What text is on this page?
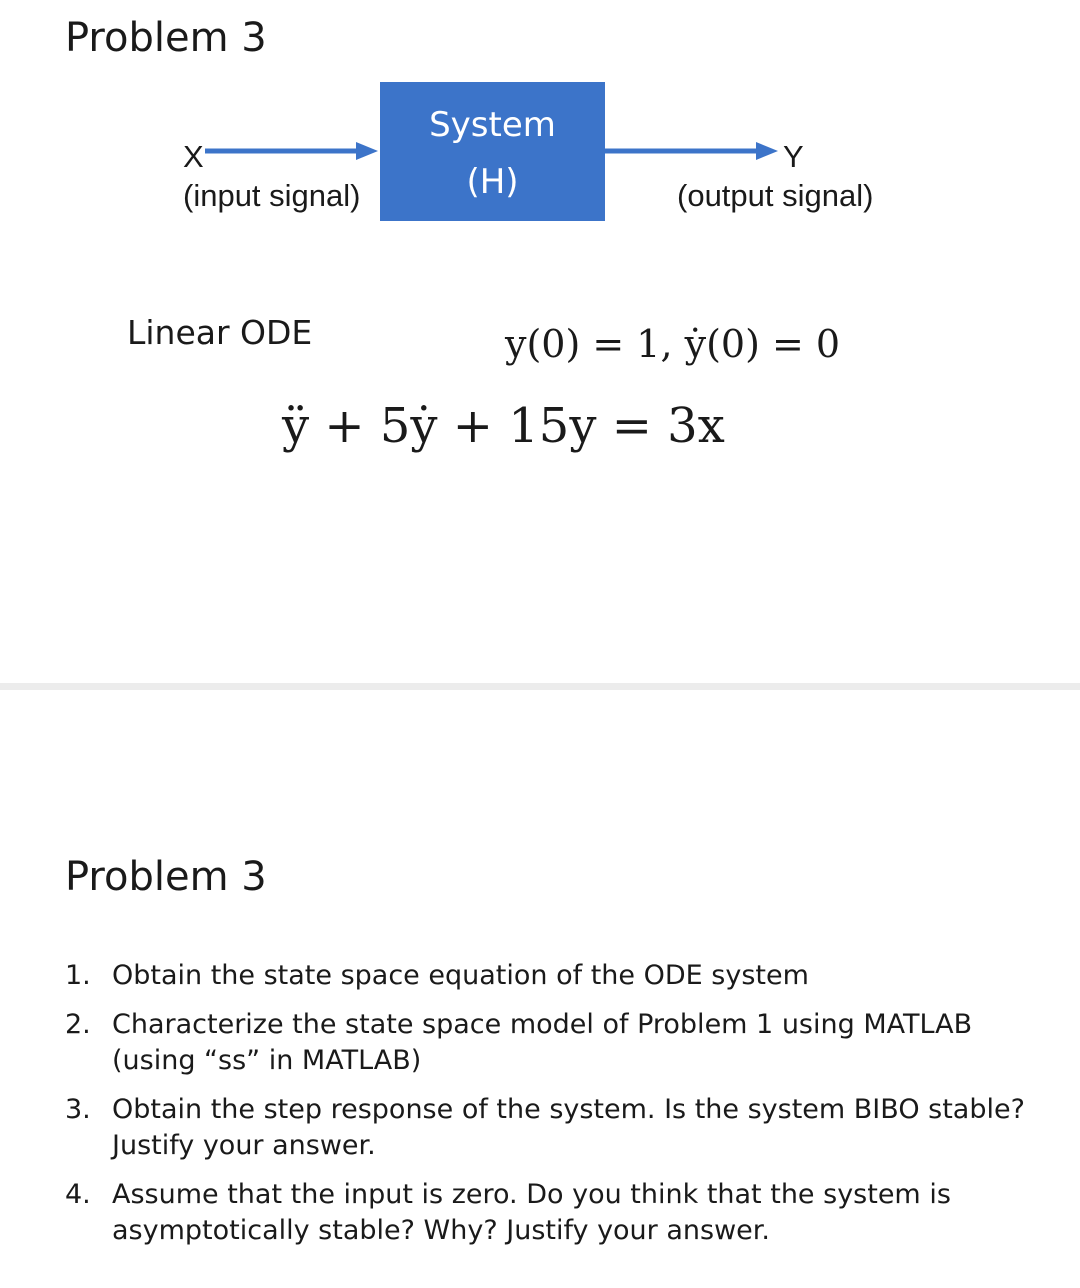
Problem 3
System
(H)
X
(input signal)
Y
(output signal)
Linear ODE	y(0) = 1, ẏ(0) = 0
ÿ + 5ẏ + 15y = 3x
Problem 3
1. Obtain the state space equation of the ODE system
2. Characterize the state space model of Problem 1 using MATLAB (using “ss” in MATLAB)
3. Obtain the step response of the system. Is the system BIBO stable? Justify your answer.
4. Assume that the input is zero. Do you think that the system is asymptotically stable? Why? Justify your answer.
